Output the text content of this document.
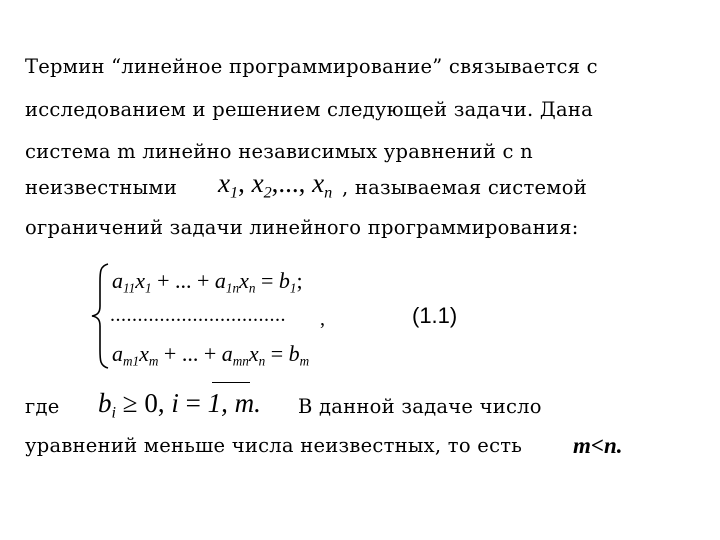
Термин “линейное программирование” связывается с
исследованием и решением следующей задачи. Дана
система m линейно независимых уравнений с n
неизвестными $x_1$, $x_2$,..., $x_n$ , называемая системой
ограничений задачи линейного программирования:
$a_{11}x_1$ + ... + $a_{1n}x_n = b_1$;
................................ ,
$a_{m1}x_m$ + ... + $a_{mn}x_n = b_m$
(1.1)
где $b_i \ge 0$, i = 1, m. В данной задаче число
уравнений меньше числа неизвестных, то есть m<n.
